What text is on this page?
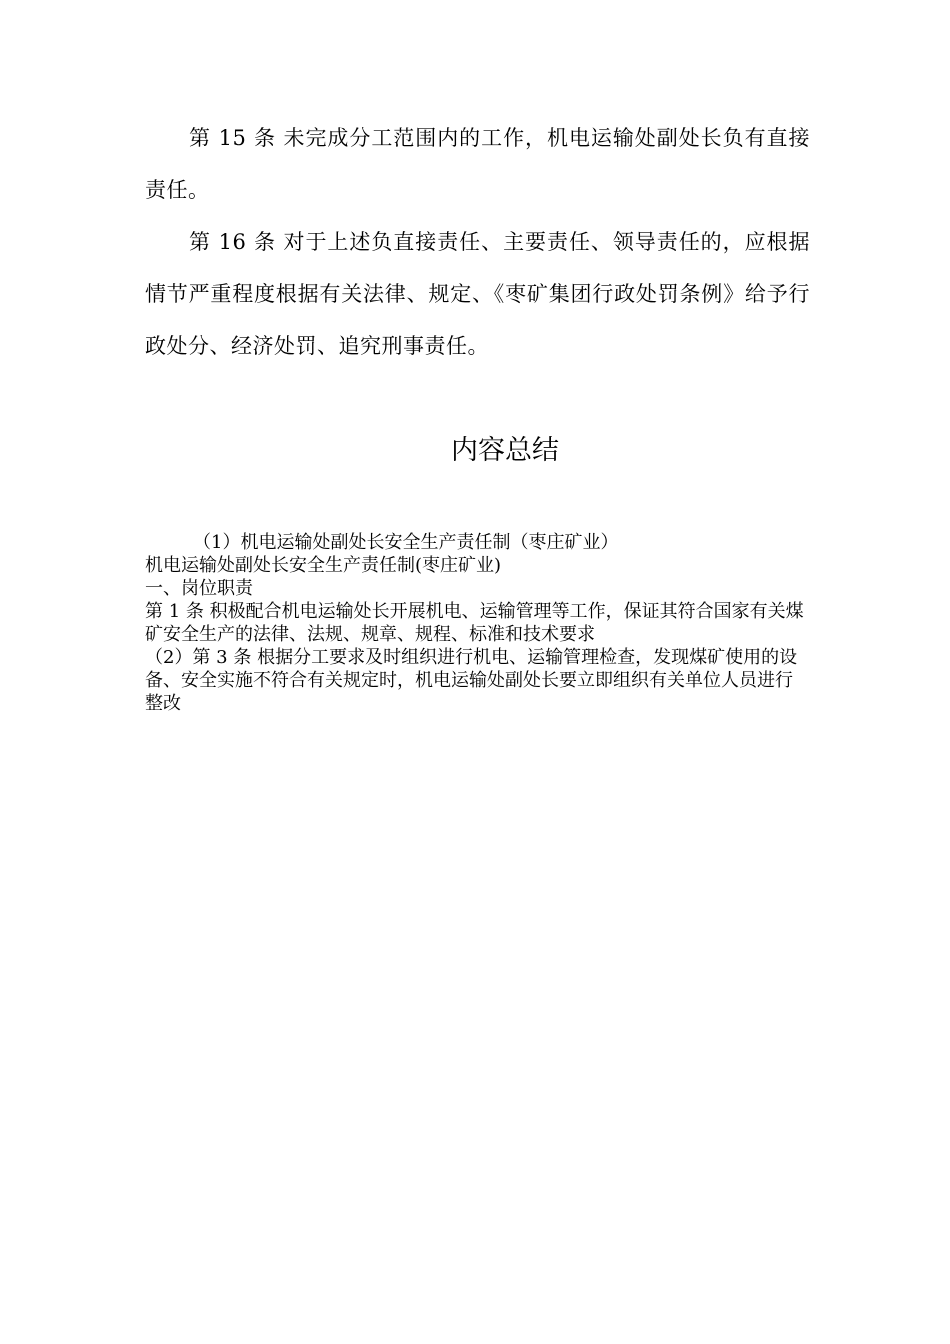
第 15 条 未完成分工范围内的工作，机电运输处副处长负有直接责任。

第 16 条 对于上述负直接责任、主要责任、领导责任的，应根据情节严重程度根据有关法律、规定、《枣矿集团行政处罚条例》给予行政处分、经济处罚、追究刑事责任。

内容总结
（1）机电运输处副处长安全生产责任制（枣庄矿业）
机电运输处副处长安全生产责任制(枣庄矿业)
一、岗位职责
第 1 条 积极配合机电运输处长开展机电、运输管理等工作，保证其符合国家有关煤矿安全生产的法律、法规、规章、规程、标准和技术要求
（2）第 3 条 根据分工要求及时组织进行机电、运输管理检查，发现煤矿使用的设备、安全实施不符合有关规定时，机电运输处副处长要立即组织有关单位人员进行整改
